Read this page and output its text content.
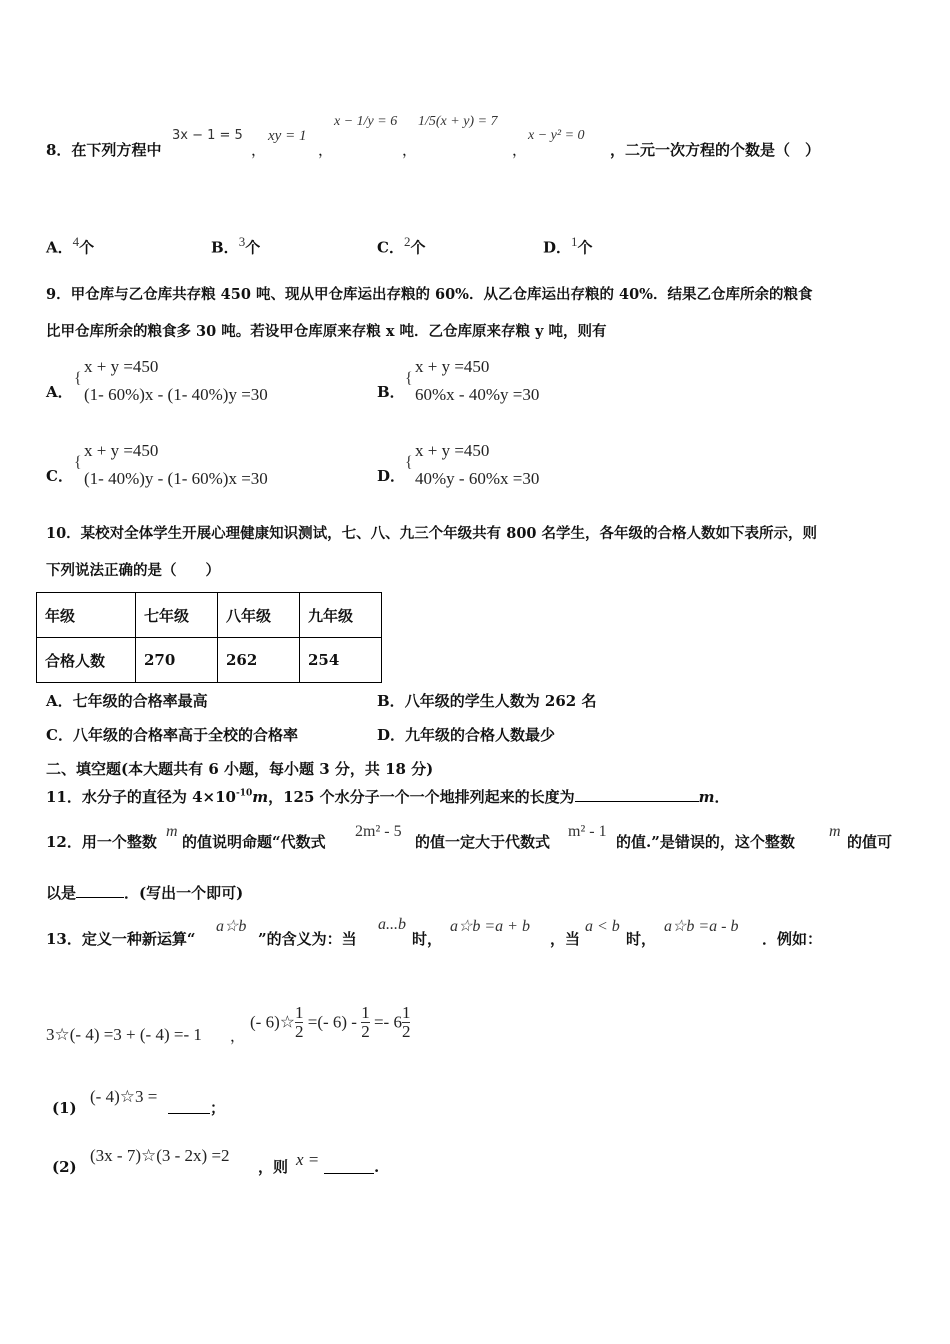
8．在下列方程中
3x − 1 = 5
，
xy = 1
，
x − 1/y = 6
，
1/5(x + y) = 7
，
x − y² = 0
，二元一次方程的个数是（　）
A．$^4$个	B．$^3$个	C．$^2$个	D．$^1$个
9．甲仓库与乙仓库共存粮 450 吨、现从甲仓库运出存粮的 60%．从乙仓库运出存粮的 40%．结果乙仓库所余的粮食
比甲仓库所余的粮食多 30 吨。若设甲仓库原来存粮 x 吨．乙仓库原来存粮 y 吨，则有
A．
{
x + y =450
(1- 60%)x - (1- 40%)y =30	B．
{
x + y =450
60%x - 40%y =30
C．
{
x + y =450
(1- 40%)y - (1- 60%)x =30	D．
{
x + y =450
40%y - 60%x =30
10．某校对全体学生开展心理健康知识测试，七、八、九三个年级共有 800 名学生，各年级的合格人数如下表所示，则
下列说法正确的是（　　）
年级	七年级	八年级	九年级
合格人数	270	262	254
A．七年级的合格率最高	B．八年级的学生人数为 262 名
C．八年级的合格率高于全校的合格率	D．九年级的合格人数最少
二、填空题(本大题共有 6 小题，每小题 3 分，共 18 分)
11．水分子的直径为 $4\times 10^{-10}m$，125 个水分子一个一个地排列起来的长度为	m．
12．用一个整数
m
的值说明命题“代数式
2m² - 5
的值一定大于代数式
m² - 1
的值.”是错误的，这个整数
m
的值可
以是	．(写出一个即可)
13．定义一种新运算“
a☆b
”的含义为：当
a...b
时，
a☆b =a + b
，当
a < b
时，
a☆b =a - b
．例如：
3☆(- 4) =3 + (- 4) =- 1 ，
(- 6)☆ $\frac{1}{2}$ =(- $6) - \frac{1}{2} =- 6 \frac{1}{2}$
(1)
(- 4)☆3 =
；
(2)
(3x - 7)☆(3 - 2x) =2
，则 x =	.
